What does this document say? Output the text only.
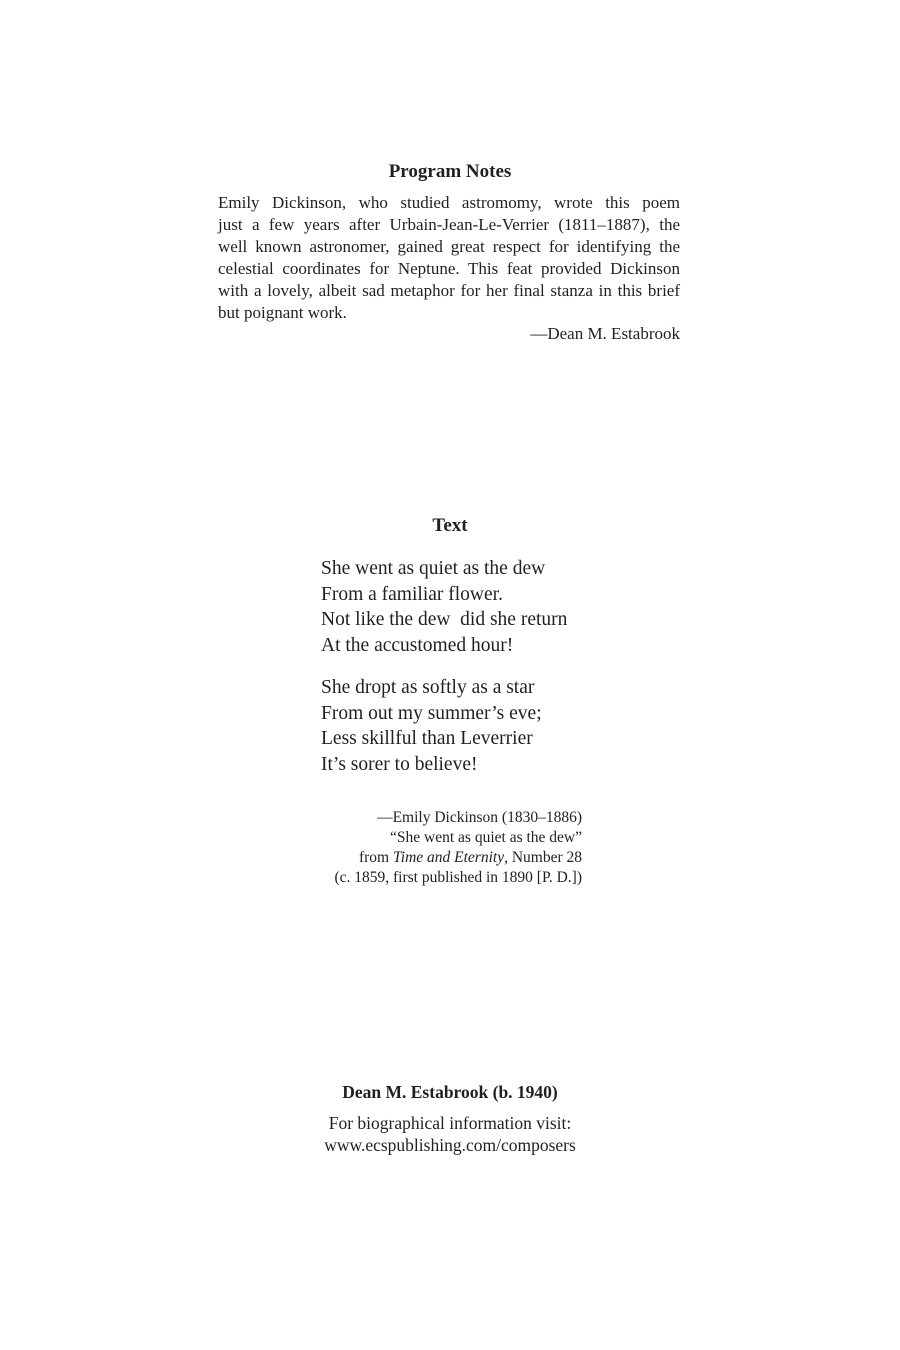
Program Notes

Emily Dickinson, who studied astromomy, wrote this poem
just a few years after Urbain-Jean-Le-Verrier (1811–1887), the
well known astronomer, gained great respect for identifying the
celestial coordinates for Neptune. This feat provided Dickinson
with a lovely, albeit sad metaphor for her final stanza in this brief
but poignant work.

—Dean M. Estabrook

Text

She went as quiet as the dew
From a familiar flower.
Not like the dew  did she return
At the accustomed hour!

She dropt as softly as a star
From out my summer’s eve;
Less skillful than Leverrier
It’s sorer to believe!

—Emily Dickinson (1830–1886)
“She went as quiet as the dew”
from Time and Eternity, Number 28
(c. 1859, first published in 1890 [P. D.])

Dean M. Estabrook (b. 1940)

For biographical information visit:
www.ecspublishing.com/composers
